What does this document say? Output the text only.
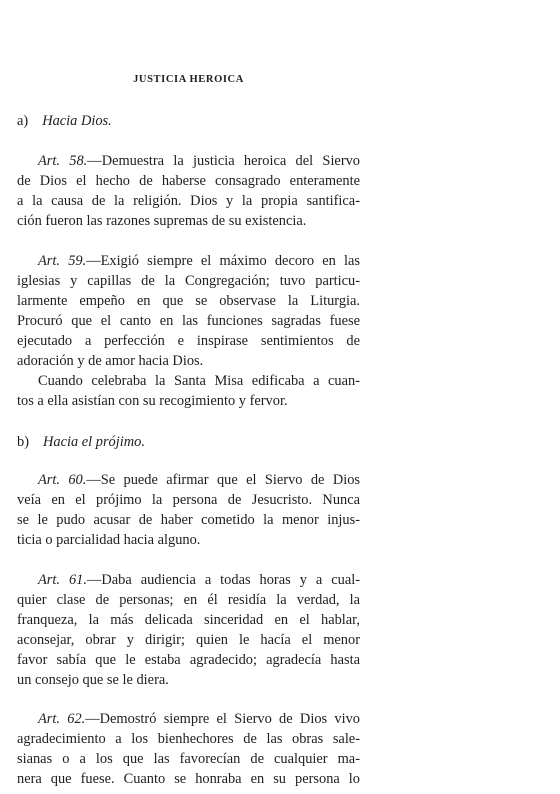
JUSTICIA HEROICA
a) Hacia Dios.
Art. 58.—Demuestra la justicia heroica del Siervo
de Dios el hecho de haberse consagrado enteramente
a la causa de la religión. Dios y la propia santifica-
ción fueron las razones supremas de su existencia.
Art. 59.—Exigió siempre el máximo decoro en las
iglesias y capillas de la Congregación; tuvo particu-
larmente empeño en que se observase la Liturgia.
Procuró que el canto en las funciones sagradas fuese
ejecutado a perfección e inspirase sentimientos de
adoración y de amor hacia Dios.
Cuando celebraba la Santa Misa edificaba a cuan-
tos a ella asistían con su recogimiento y fervor.
b) Hacia el prójimo.
Art. 60.—Se puede afirmar que el Siervo de Dios
veía en el prójimo la persona de Jesucristo. Nunca
se le pudo acusar de haber cometido la menor injus-
ticia o parcialidad hacia alguno.
Art. 61.—Daba audiencia a todas horas y a cual-
quier clase de personas; en él residía la verdad, la
franqueza, la más delicada sinceridad en el hablar,
aconsejar, obrar y dirigir; quien le hacía el menor
favor sabía que le estaba agradecido; agradecía hasta
un consejo que se le diera.
Art. 62.—Demostró siempre el Siervo de Dios vivo
agradecimiento a los bienhechores de las obras sale-
sianas o a los que las favorecían de cualquier ma-
nera que fuese. Cuanto se honraba en su persona lo
